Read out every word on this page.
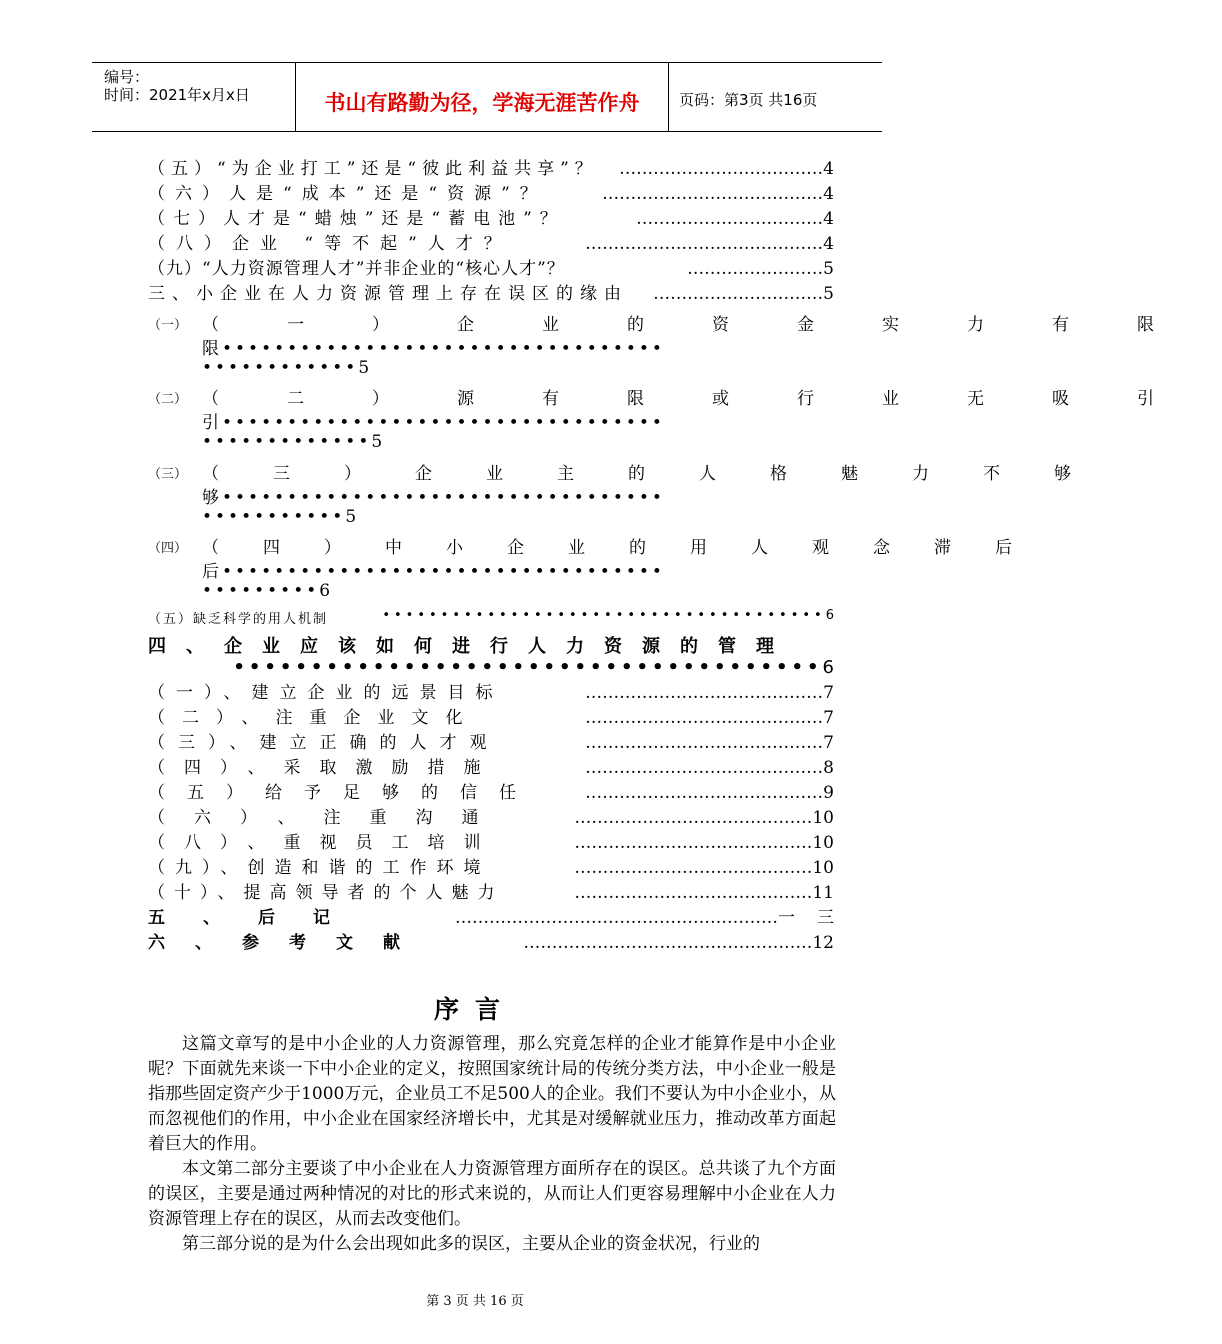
编号：
时间：2021年x月x日	书山有路勤为径，学海无涯苦作舟	页码：第3页 共16页
（五）“为企业打工”还是“彼此利益共享”？ ………………………………4
（六）人是“成本”还是“资源”？	…………………………………4
（七）人才是“蜡烛”还是“蓄电池”？	……………………………4
（八）企业 “等不起”人才？	……………………………………4
（九）“人力资源管理人才”并非企业的“核心人才”？	……………………5
三、小企业在人力资源管理上存在误区的缘由 …………………………5
（一） （一）企业的资金实力有限
限••••••••••••••••••••••••••••••••••
••••••••••••5
（二） （二）源有限或行业无吸引
引••••••••••••••••••••••••••••••••••
•••••••••••••5
（三） （三）企业主的人格魅力不够
够••••••••••••••••••••••••••••••••••
•••••••••••5
（四） （四）中小企业的用人观念滞后
后••••••••••••••••••••••••••••••••••
•••••••••6
（五）缺乏科学的用人机制	••••••••••••••••••••••••••••••••••••••6
四、企业应该如何进行人力资源的管理
••••••••••••••••••••••••••••••••••••••6
（一）、建立企业的远景目标	……………………………………7
（二）、注重企业文化	……………………………………7
（三）、建立正确的人才观	……………………………………7
（四）、采取激励措施	……………………………………8
（五）给予足够的信任	……………………………………9
（六）、注重沟通	……………………………………10
（八）、重视员工培训	……………………………………10
（九）、创造和谐的工作环境	……………………………………10
（十）、提高领导者的个人魅力	……………………………………11
五、后记	…………………………………………………一三
六、参考文献	……………………………………………12
序言
这篇文章写的是中小企业的人力资源管理，那么究竟怎样的企业才能算作是中小企业呢？下面就先来谈一下中小企业的定义，按照国家统计局的传统分类方法，中小企业一般是指那些固定资产少于1000万元，企业员工不足500人的企业。我们不要认为中小企业小，从而忽视他们的作用，中小企业在国家经济增长中，尤其是对缓解就业压力，推动改革方面起着巨大的作用。
本文第二部分主要谈了中小企业在人力资源管理方面所存在的误区。总共谈了九个方面的误区，主要是通过两种情况的对比的形式来说的，从而让人们更容易理解中小企业在人力资源管理上存在的误区，从而去改变他们。
第三部分说的是为什么会出现如此多的误区，主要从企业的资金状况，行业的
第 3 页 共 16 页
